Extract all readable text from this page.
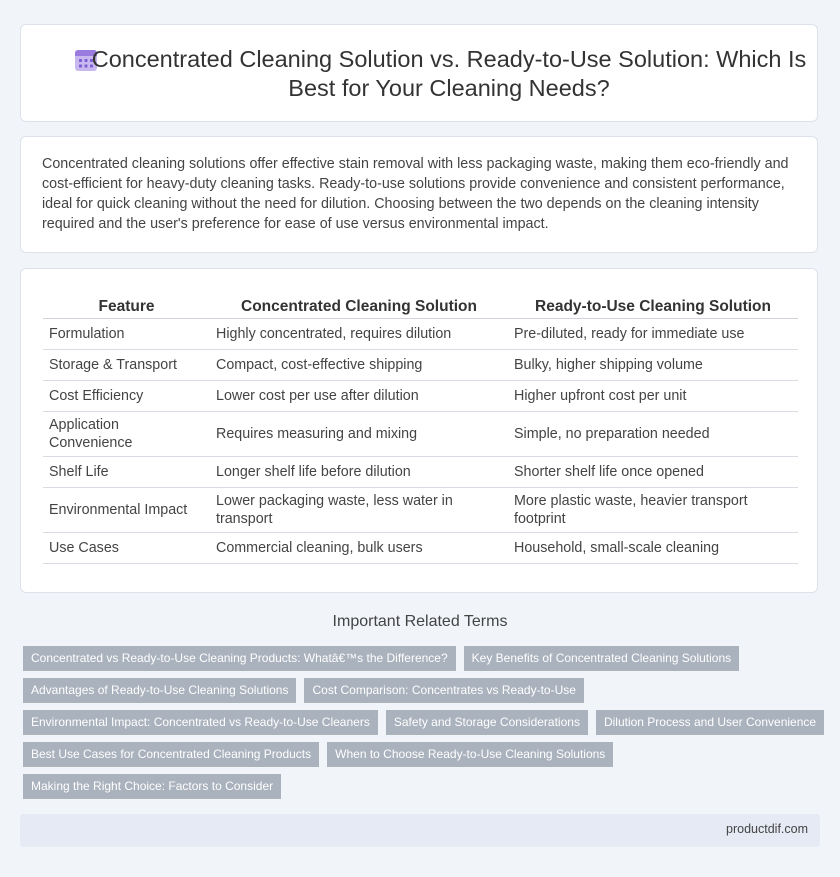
Concentrated Cleaning Solution vs. Ready-to-Use Solution: Which Is Best for Your Cleaning Needs?
Concentrated cleaning solutions offer effective stain removal with less packaging waste, making them eco-friendly and cost-efficient for heavy-duty cleaning tasks. Ready-to-use solutions provide convenience and consistent performance, ideal for quick cleaning without the need for dilution. Choosing between the two depends on the cleaning intensity required and the user's preference for ease of use versus environmental impact.
Feature	Concentrated Cleaning Solution	Ready-to-Use Cleaning Solution
Formulation	Highly concentrated, requires dilution	Pre-diluted, ready for immediate use
Storage & Transport	Compact, cost-effective shipping	Bulky, higher shipping volume
Cost Efficiency	Lower cost per use after dilution	Higher upfront cost per unit
Application Convenience	Requires measuring and mixing	Simple, no preparation needed
Shelf Life	Longer shelf life before dilution	Shorter shelf life once opened
Environmental Impact	Lower packaging waste, less water in transport	More plastic waste, heavier transport footprint
Use Cases	Commercial cleaning, bulk users	Household, small-scale cleaning
Important Related Terms
Concentrated vs Ready-to-Use Cleaning Products: Whatâ€™s the Difference?	Key Benefits of Concentrated Cleaning Solutions
Advantages of Ready-to-Use Cleaning Solutions	Cost Comparison: Concentrates vs Ready-to-Use
Environmental Impact: Concentrated vs Ready-to-Use Cleaners	Safety and Storage Considerations	Dilution Process and User Convenience
Best Use Cases for Concentrated Cleaning Products	When to Choose Ready-to-Use Cleaning Solutions
Making the Right Choice: Factors to Consider
productdif.com
